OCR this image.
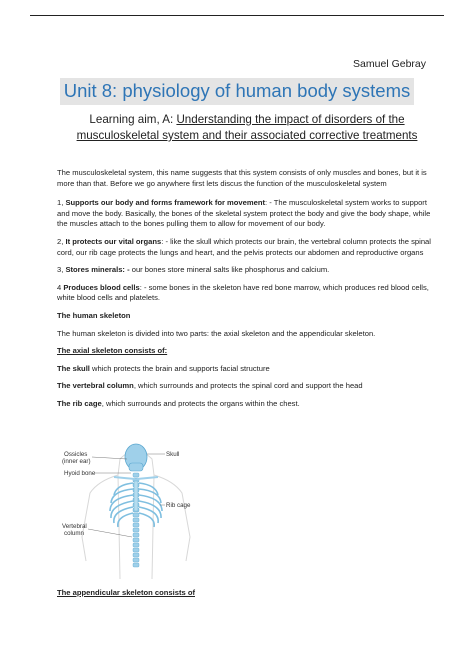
Samuel Gebray
Unit 8: physiology of human body systems
Learning aim, A: Understanding the impact of disorders of the musculoskeletal system and their associated corrective treatments

The musculoskeletal system, this name suggests that this system consists of only muscles and bones, but it is more than that. Before we go anywhere first lets discus the function of the musculoskeletal system

1, Supports our body and forms framework for movement: - The musculoskeletal system works to support and move the body. Basically, the bones of the skeletal system protect the body and give the body shape, while the muscles attach to the bones pulling them to allow for movement of our body.

2, It protects our vital organs: - like the skull which protects our brain, the vertebral column protects the spinal cord, our rib cage protects the lungs and heart, and the pelvis protects our abdomen and reproductive organs

3, Stores minerals: - our bones store mineral salts like phosphorus and calcium.

4 Produces blood cells: - some bones in the skeleton have red bone marrow, which produces red blood cells, white blood cells and platelets.

The human skeleton

The human skeleton is divided into two parts: the axial skeleton and the appendicular skeleton.

The axial skeleton consists of:

The skull which protects the brain and supports facial structure

The vertebral column, which surrounds and protects the spinal cord and support the head

The rib cage, which surrounds and protects the organs within the chest.

Skull
Ossicles
(inner ear)
Hyoid bone
Rib cage
Vertebral
column
The appendicular skeleton consists of
